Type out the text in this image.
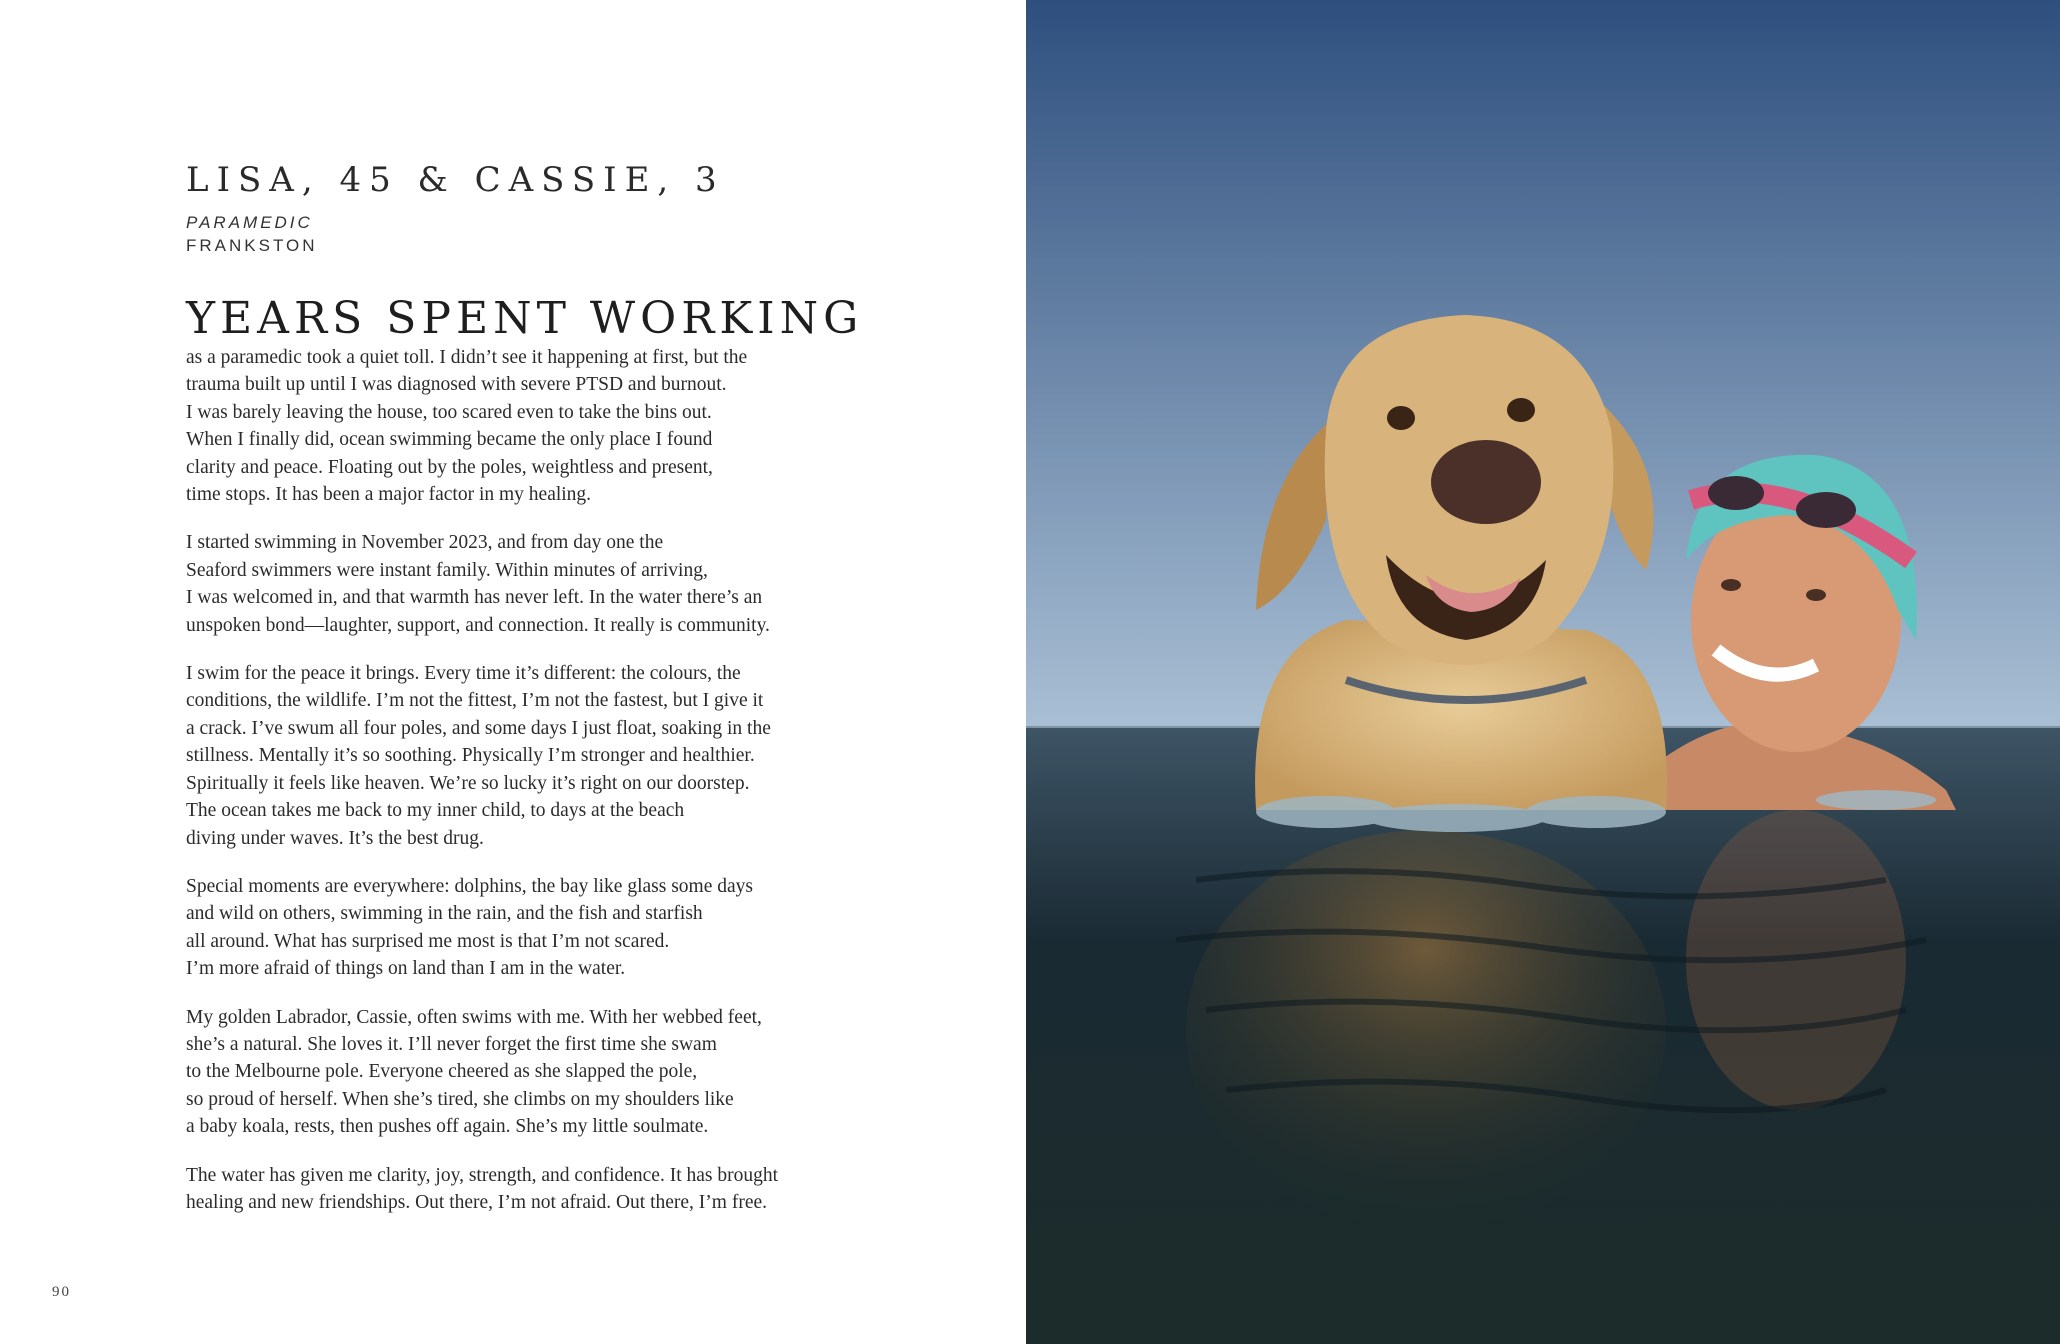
LISA, 45 & CASSIE, 3

PARAMEDIC

FRANKSTON

YEARS SPENT WORKING

as a paramedic took a quiet toll. I didn’t see it happening at first, but the
trauma built up until I was diagnosed with severe PTSD and burnout.
I was barely leaving the house, too scared even to take the bins out.
When I finally did, ocean swimming became the only place I found
clarity and peace. Floating out by the poles, weightless and present,
time stops. It has been a major factor in my healing.

I started swimming in November 2023, and from day one the
Seaford swimmers were instant family. Within minutes of arriving,
I was welcomed in, and that warmth has never left. In the water there’s an
unspoken bond—laughter, support, and connection. It really is community.

I swim for the peace it brings. Every time it’s different: the colours, the
conditions, the wildlife. I’m not the fittest, I’m not the fastest, but I give it
a crack. I’ve swum all four poles, and some days I just float, soaking in the
stillness. Mentally it’s so soothing. Physically I’m stronger and healthier.
Spiritually it feels like heaven. We’re so lucky it’s right on our doorstep.
The ocean takes me back to my inner child, to days at the beach
diving under waves. It’s the best drug.

Special moments are everywhere: dolphins, the bay like glass some days
and wild on others, swimming in the rain, and the fish and starfish
all around. What has surprised me most is that I’m not scared.
I’m more afraid of things on land than I am in the water.

My golden Labrador, Cassie, often swims with me. With her webbed feet,
she’s a natural. She loves it. I’ll never forget the first time she swam
to the Melbourne pole. Everyone cheered as she slapped the pole,
so proud of herself. When she’s tired, she climbs on my shoulders like
a baby koala, rests, then pushes off again. She’s my little soulmate.

The water has given me clarity, joy, strength, and confidence. It has brought
healing and new friendships. Out there, I’m not afraid. Out there, I’m free.

90
